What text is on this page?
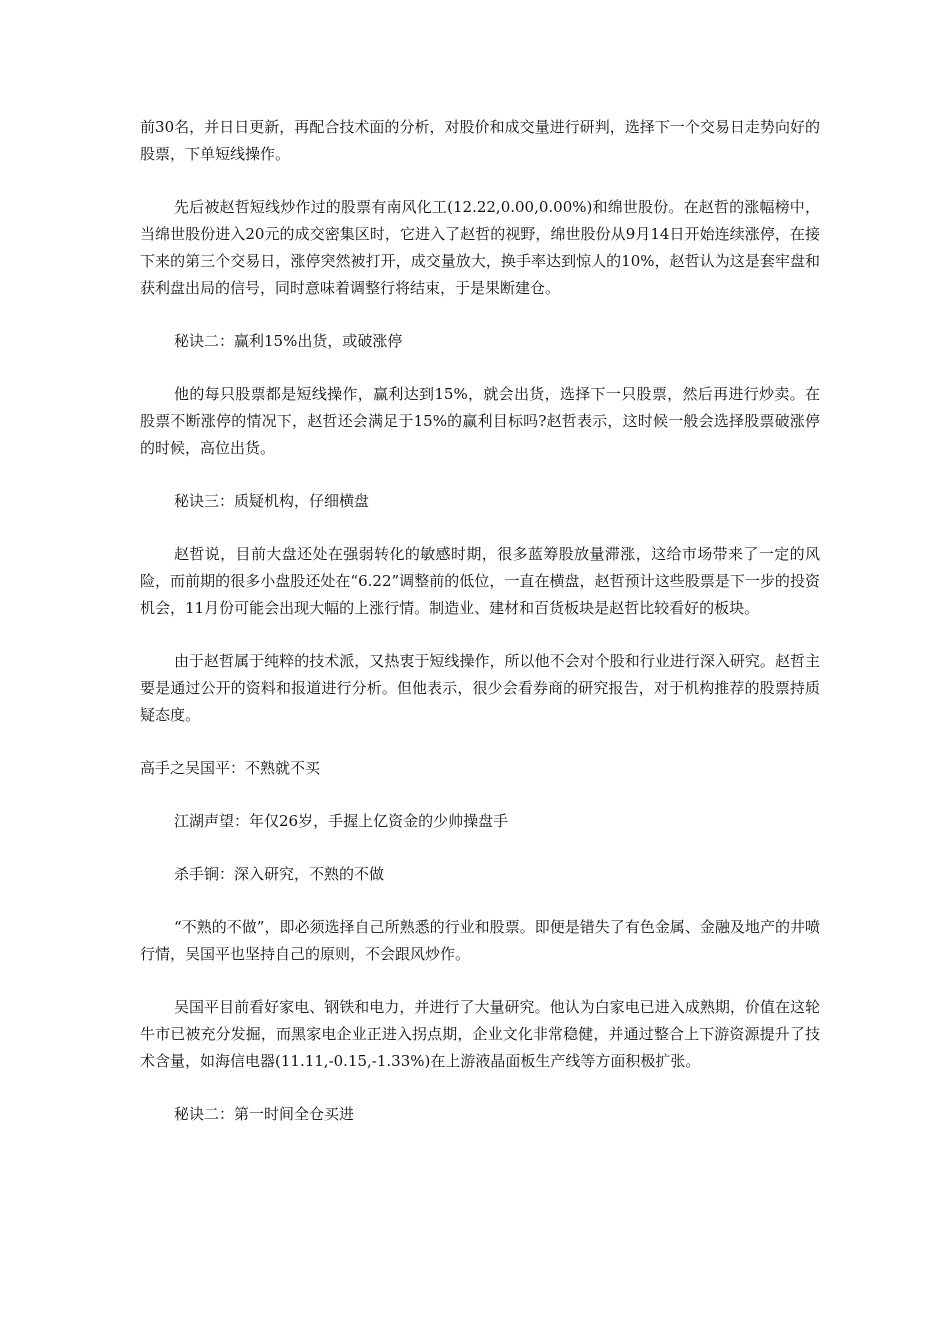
前30名，并日日更新，再配合技术面的分析，对股价和成交量进行研判，选择下一个交易日走势向好的股票，下单短线操作。

先后被赵哲短线炒作过的股票有南风化工(12.22,0.00,0.00%)和绵世股份。在赵哲的涨幅榜中，当绵世股份进入20元的成交密集区时，它进入了赵哲的视野，绵世股份从9月14日开始连续涨停，在接下来的第三个交易日，涨停突然被打开，成交量放大，换手率达到惊人的10%，赵哲认为这是套牢盘和获利盘出局的信号，同时意味着调整行将结束，于是果断建仓。

秘诀二：赢利15%出货，或破涨停

他的每只股票都是短线操作，赢利达到15%，就会出货，选择下一只股票，然后再进行炒卖。在股票不断涨停的情况下，赵哲还会满足于15%的赢利目标吗?赵哲表示，这时候一般会选择股票破涨停的时候，高位出货。

秘诀三：质疑机构，仔细横盘

赵哲说，目前大盘还处在强弱转化的敏感时期，很多蓝筹股放量滞涨，这给市场带来了一定的风险，而前期的很多小盘股还处在“6.22”调整前的低位，一直在横盘，赵哲预计这些股票是下一步的投资机会，11月份可能会出现大幅的上涨行情。制造业、建材和百货板块是赵哲比较看好的板块。

由于赵哲属于纯粹的技术派，又热衷于短线操作，所以他不会对个股和行业进行深入研究。赵哲主要是通过公开的资料和报道进行分析。但他表示，很少会看券商的研究报告，对于机构推荐的股票持质疑态度。

高手之吴国平：不熟就不买

江湖声望：年仅26岁，手握上亿资金的少帅操盘手

杀手锏：深入研究，不熟的不做

“不熟的不做”，即必须选择自己所熟悉的行业和股票。即便是错失了有色金属、金融及地产的井喷行情，吴国平也坚持自己的原则，不会跟风炒作。

吴国平目前看好家电、钢铁和电力，并进行了大量研究。他认为白家电已进入成熟期，价值在这轮牛市已被充分发掘，而黑家电企业正进入拐点期，企业文化非常稳健，并通过整合上下游资源提升了技术含量，如海信电器(11.11,-0.15,-1.33%)在上游液晶面板生产线等方面积极扩张。

秘诀二：第一时间全仓买进
